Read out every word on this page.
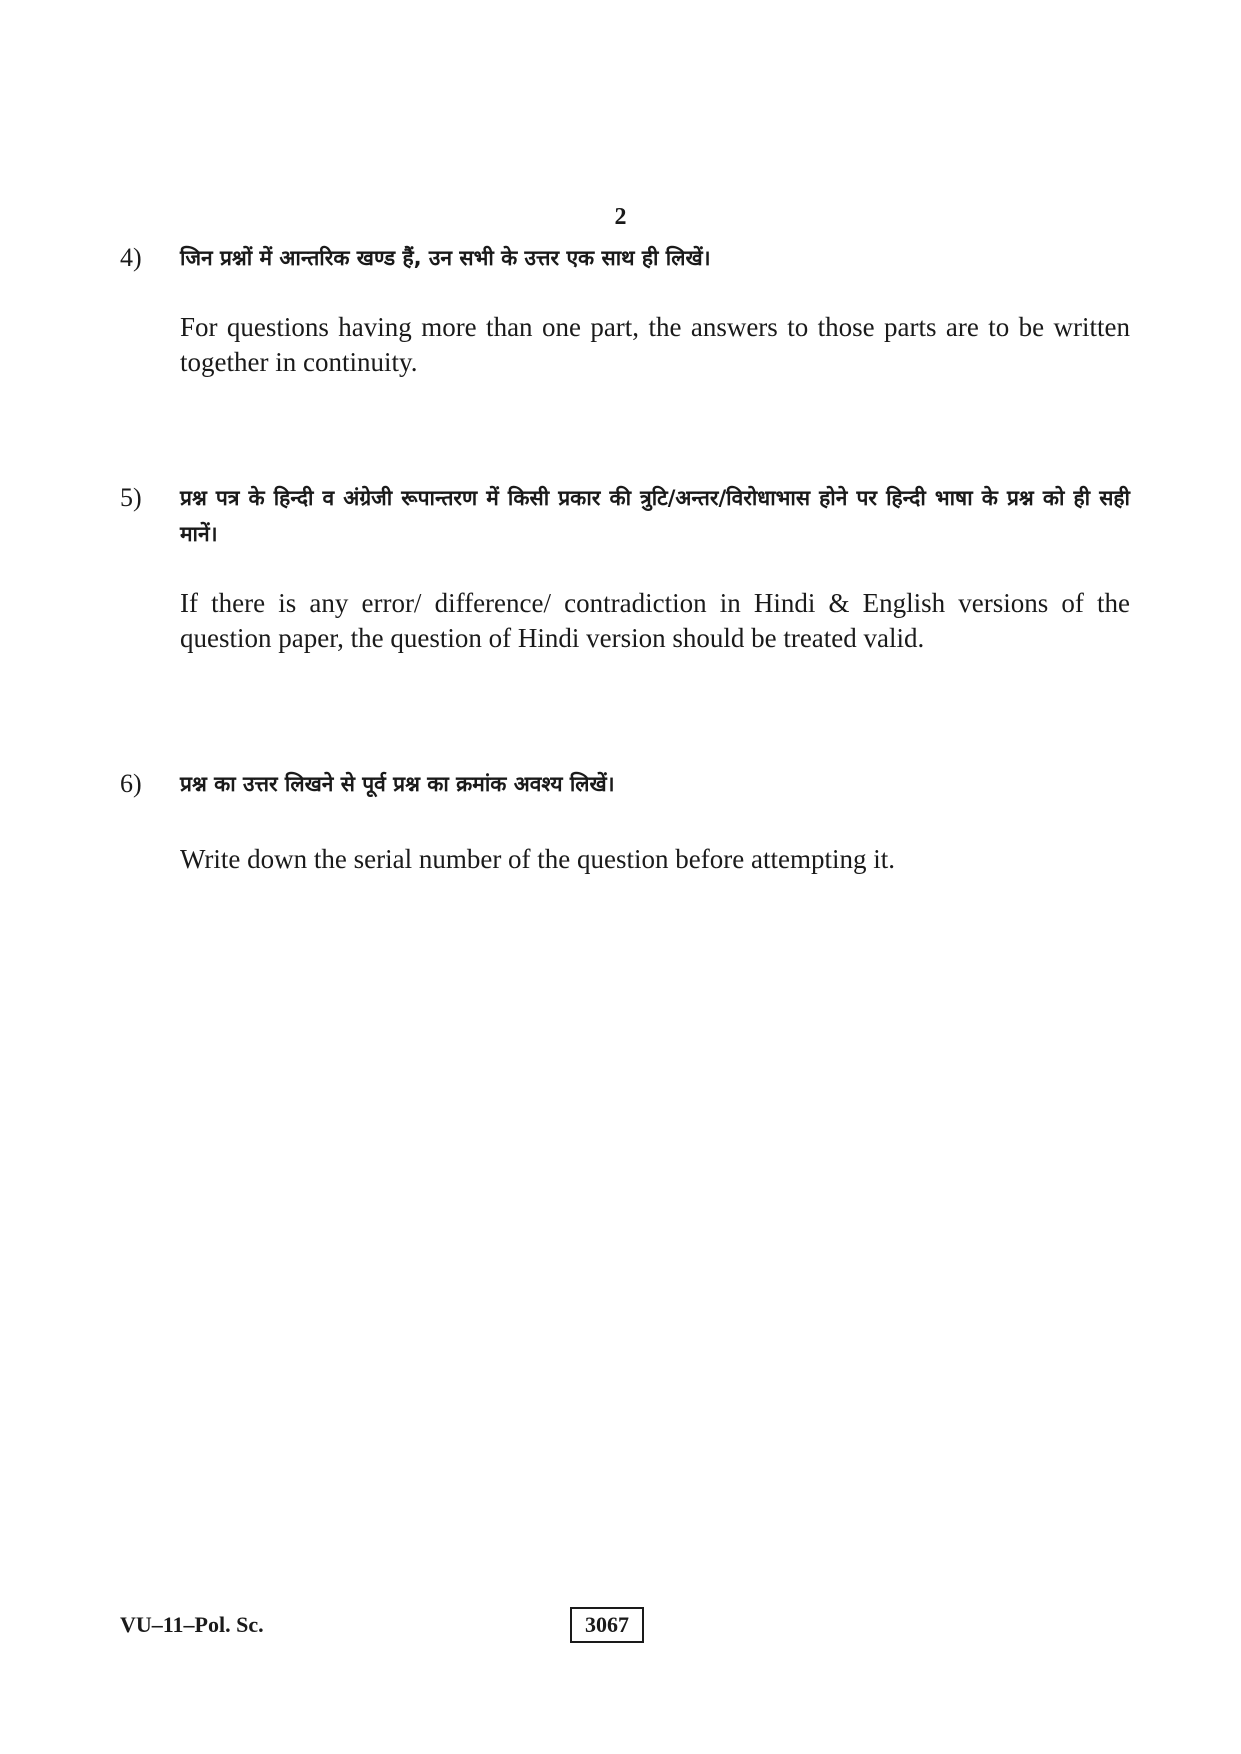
2
4) जिन प्रश्नों में आन्तरिक खण्ड हैं, उन सभी के उत्तर एक साथ ही लिखें।
For questions having more than one part, the answers to those parts are to be written together in continuity.
5) प्रश्न पत्र के हिन्दी व अंग्रेजी रूपान्तरण में किसी प्रकार की त्रुटि/अन्तर/विरोधाभास होने पर हिन्दी भाषा के प्रश्न को ही सही मानें।
If there is any error/ difference/ contradiction in Hindi & English versions of the question paper, the question of Hindi version should be treated valid.
6) प्रश्न का उत्तर लिखने से पूर्व प्रश्न का क्रमांक अवश्य लिखें।
Write down the serial number of the question before attempting it.
VU–11–Pol. Sc.	3067
